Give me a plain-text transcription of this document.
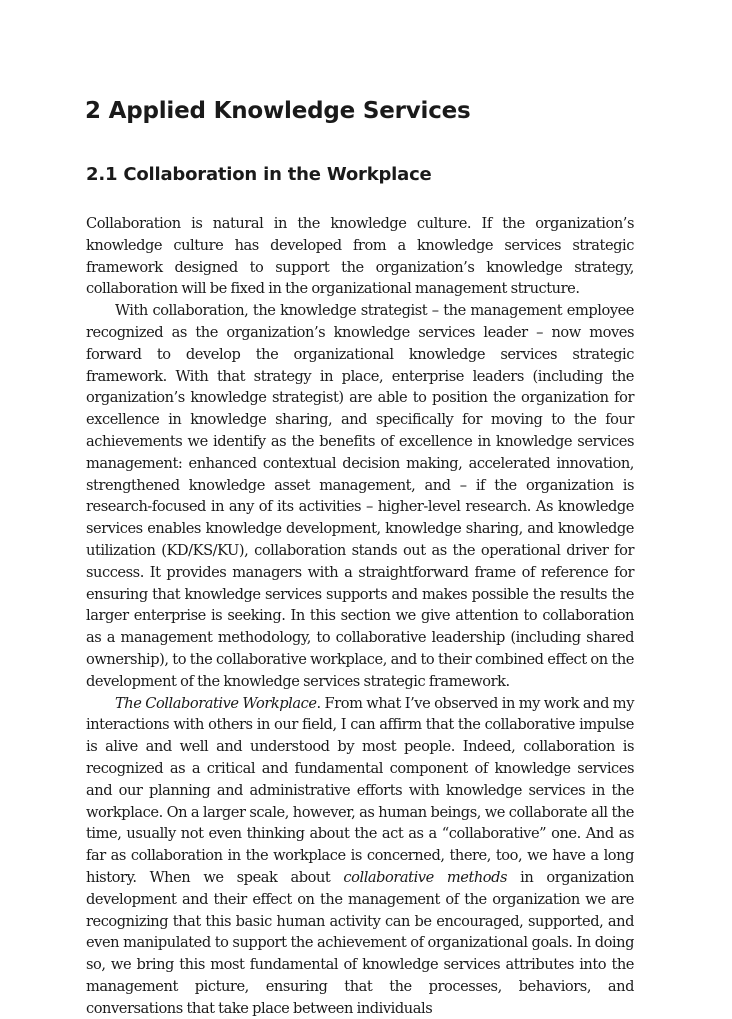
2 Applied Knowledge Services
2.1 Collaboration in the Workplace

Collaboration is natural in the knowledge culture. If the organization’s knowledge culture has developed from a knowledge services strategic framework designed to support the organization’s knowledge strategy, collaboration will be fixed in the organizational management structure.

With collaboration, the knowledge strategist – the management employee recognized as the organization’s knowledge services leader – now moves forward to develop the organizational knowledge services strategic framework. With that strategy in place, enterprise leaders (including the organization’s knowledge strategist) are able to position the organization for excellence in knowledge sharing, and specifically for moving to the four achievements we identify as the benefits of excellence in knowledge services management: enhanced contextual decision making, accelerated innovation, strengthened knowledge asset management, and – if the organization is research-focused in any of its activities – higher-level research. As knowledge services enables knowledge development, knowledge sharing, and knowledge utilization (KD/KS/KU), collaboration stands out as the operational driver for success. It provides managers with a straightforward frame of reference for ensuring that knowledge services supports and makes possible the results the larger enterprise is seeking. In this section we give attention to collaboration as a management methodology, to collaborative leadership (including shared ownership), to the collaborative workplace, and to their combined effect on the development of the knowledge services strategic framework.

The Collaborative Workplace. From what I’ve observed in my work and my interactions with others in our field, I can affirm that the collaborative impulse is alive and well and understood by most people. Indeed, collaboration is recognized as a critical and fundamental component of knowledge services and our planning and administrative efforts with knowledge services in the workplace. On a larger scale, however, as human beings, we collaborate all the time, usually not even thinking about the act as a “collaborative” one. And as far as collaboration in the workplace is concerned, there, too, we have a long history. When we speak about collaborative methods in organization development and their effect on the management of the organization we are recognizing that this basic human activity can be encouraged, supported, and even manipulated to support the achievement of organizational goals. In doing so, we bring this most fundamental of knowledge services attributes into the management picture, ensuring that the processes, behaviors, and conversations that take place between individuals
